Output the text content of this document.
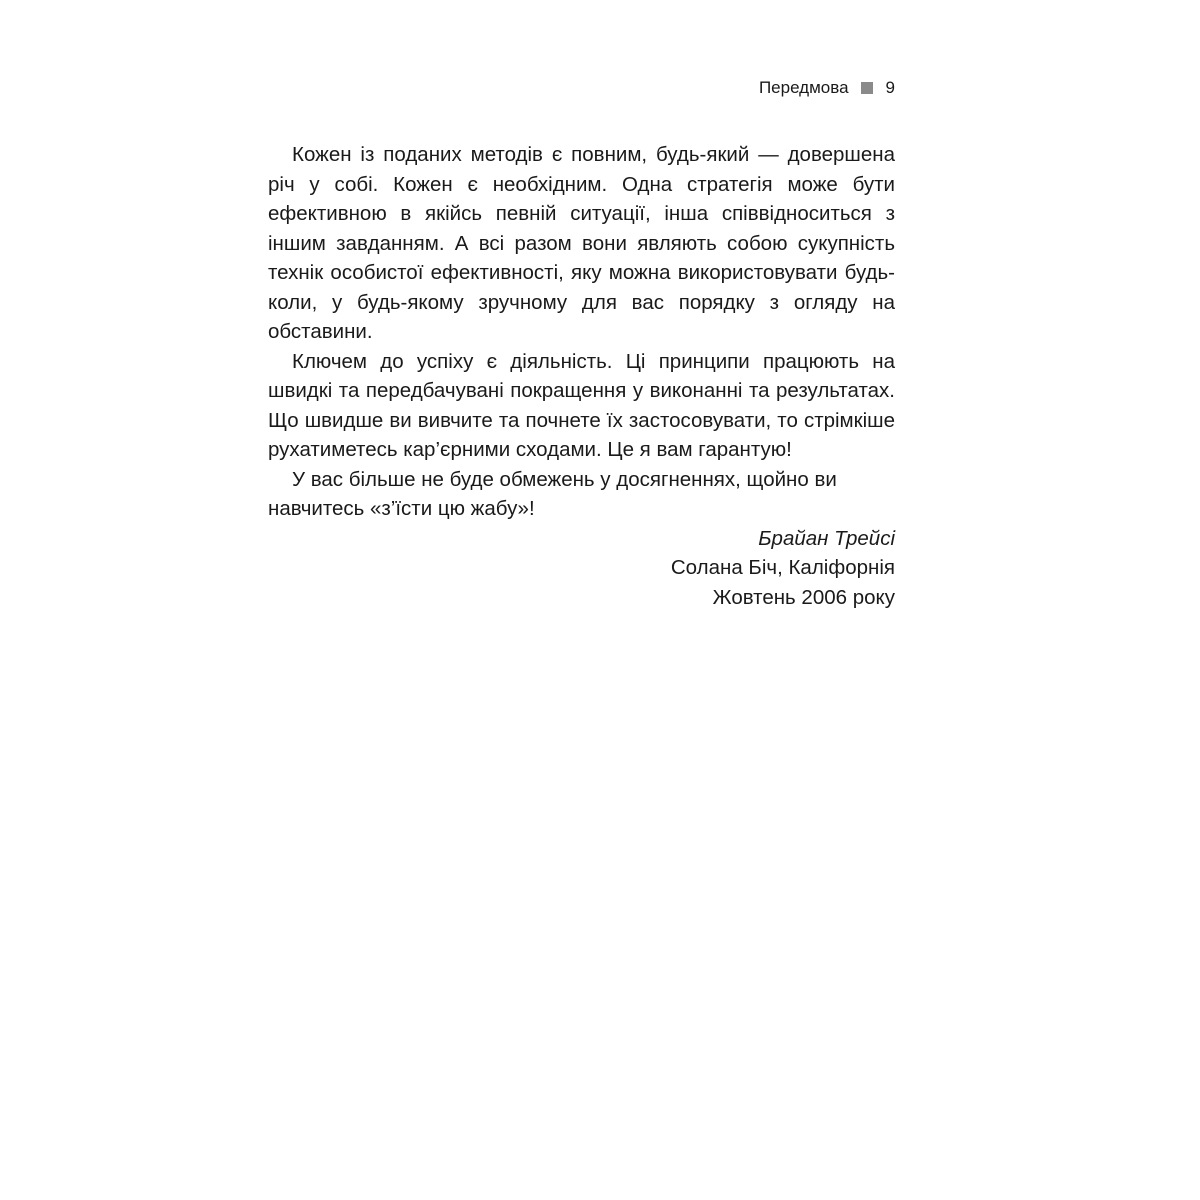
Передмова 9

Кожен із поданих методів є повним, будь-який — довершена річ у собі. Кожен є необхідним. Одна стратегія може бути ефективною в якійсь певній ситуації, інша співвідноситься з іншим завданням. А всі разом вони являють собою сукупність технік особистої ефективності, яку можна використовувати будь-коли, у будь-якому зручному для вас порядку з огляду на обставини.

Ключем до успіху є діяльність. Ці принципи працюють на швидкі та передбачувані покращення у виконанні та результатах. Що швидше ви вивчите та почнете їх застосовувати, то стрімкіше рухатиметесь кар’єрними сходами. Це я вам гарантую!

У вас більше не буде обмежень у досягненнях, щойно ви навчитесь «з’їсти цю жабу»!

Брайан Трейсі
Солана Біч, Каліфорнія
Жовтень 2006 року
